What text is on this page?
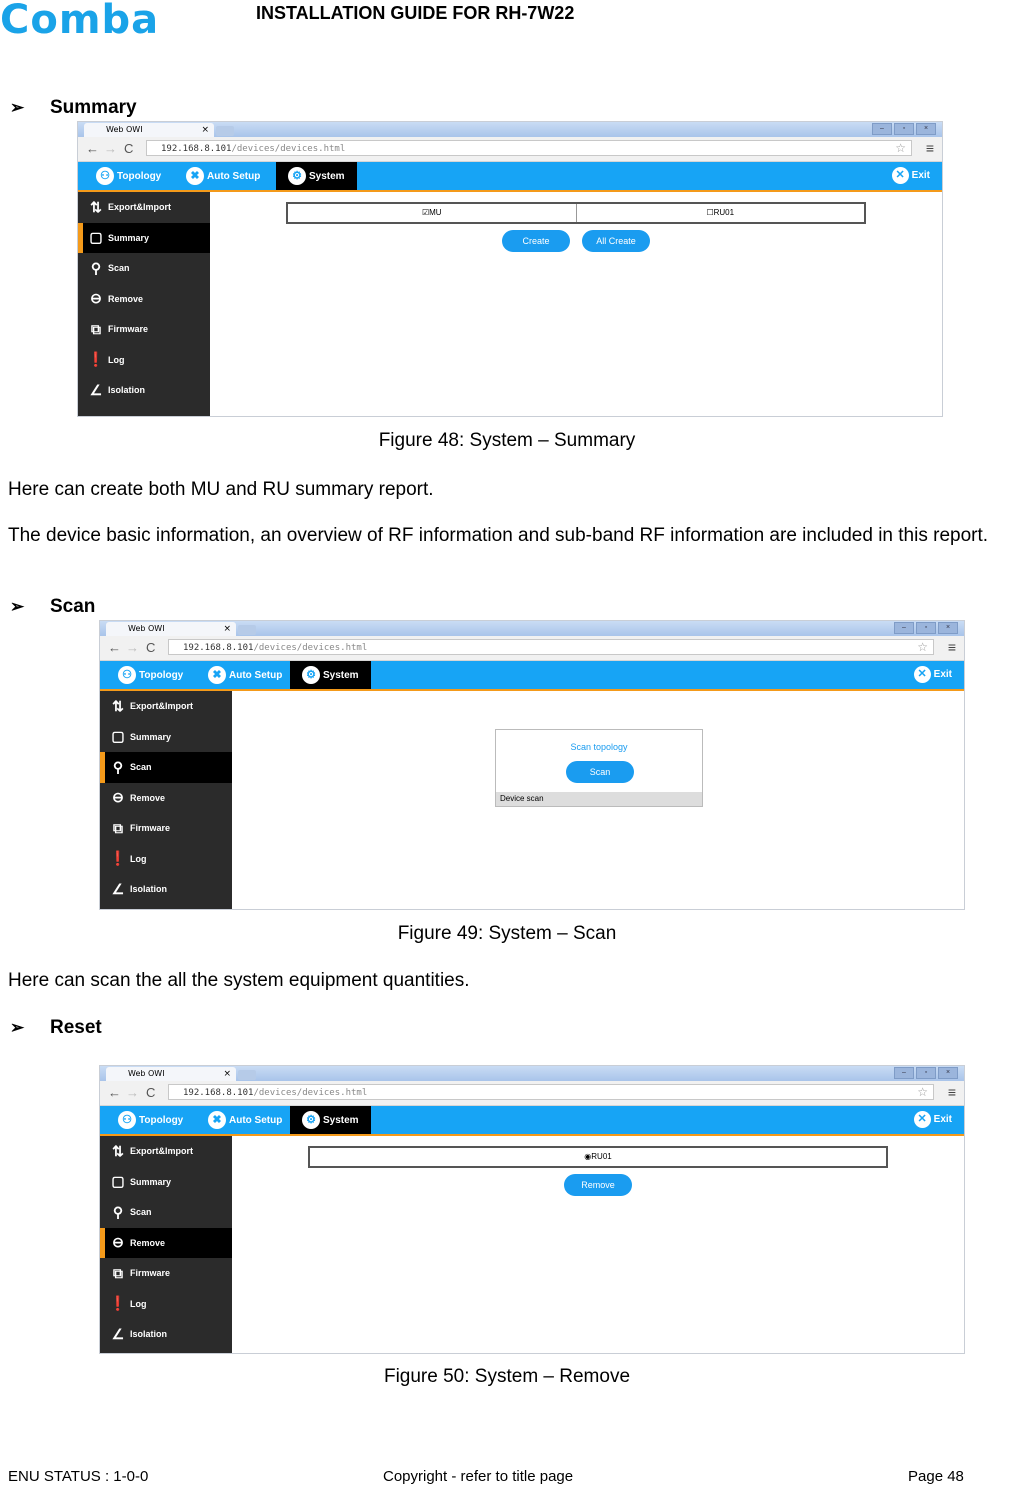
Comba	INSTALLATION GUIDE FOR RH-7W22
➢	Summary
Web OWI	×	–	▫	×
← → C	192.168.8.101/devices/devices.html	☆ ≡
⚇ Topology	✖ Auto Setup	⚙ System	✕ Exit
⇅ Export&Import
▢ Summary
⚲ Scan
⊖ Remove
⧉ Firmware
❗ Log
∠ Isolation
☑MU	☐RU01
Create	All Create
Figure 48: System – Summary
Here can create both MU and RU summary report.
The device basic information, an overview of RF information and sub-band RF information are included in this report.
➢	Scan
Web OWI	×	–	▫	×
← → C	192.168.8.101/devices/devices.html	☆ ≡
⚇ Topology	✖ Auto Setup	⚙ System	✕ Exit
⇅ Export&Import
▢ Summary
⚲ Scan
⊖ Remove
⧉ Firmware
❗ Log
∠ Isolation
Scan topology
Scan
Device scan
Figure 49: System – Scan
Here can scan the all the system equipment quantities.
➢	Reset
Web OWI	×	–	▫	×
← → C	192.168.8.101/devices/devices.html	☆ ≡
⚇ Topology	✖ Auto Setup	⚙ System	✕ Exit
⇅ Export&Import
▢ Summary
⚲ Scan
⊖ Remove
⧉ Firmware
❗ Log
∠ Isolation
◉RU01
Remove
Figure 50: System – Remove
ENU STATUS : 1-0-0	Copyright - refer to title page	Page 48
